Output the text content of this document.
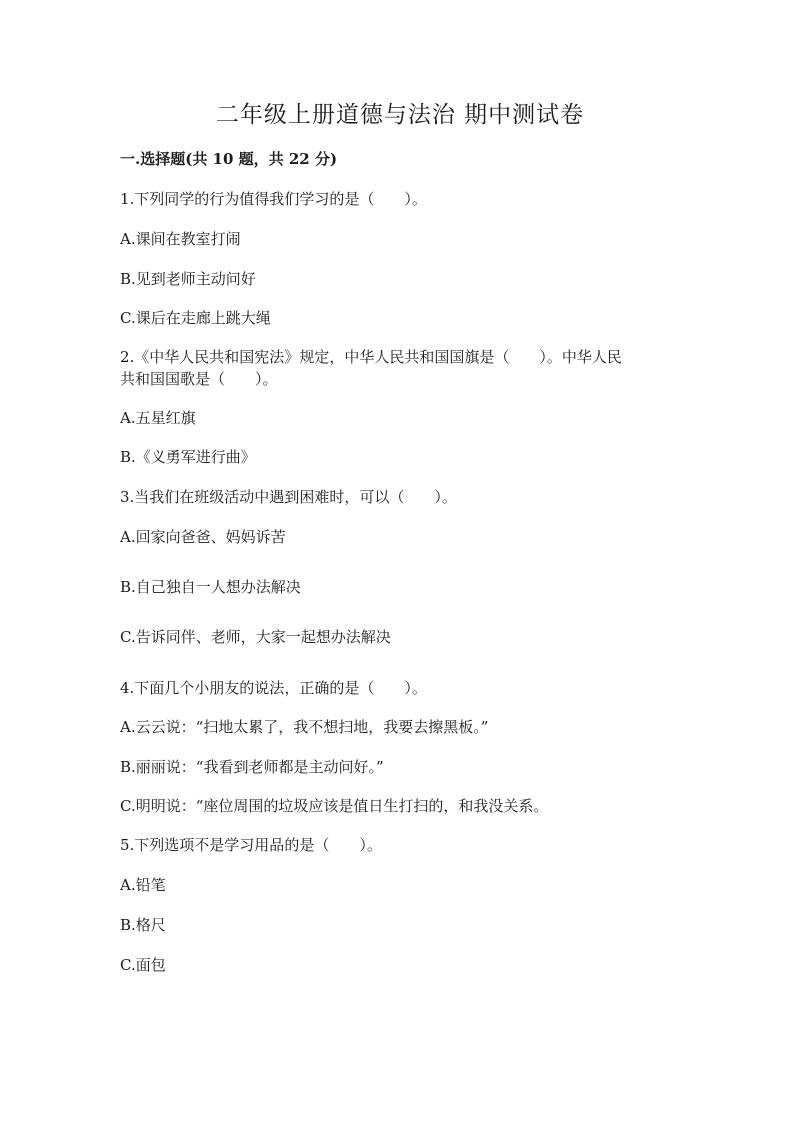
二年级上册道德与法治 期中测试卷
一.选择题(共 10 题，共 22 分)

1.下列同学的行为值得我们学习的是（　　）。

A.课间在教室打闹

B.见到老师主动问好

C.课后在走廊上跳大绳

2.《中华人民共和国宪法》规定，中华人民共和国国旗是（　　）。中华人民

共和国国歌是（　　）。

A.五星红旗

B.《义勇军进行曲》

3.当我们在班级活动中遇到困难时，可以（　　）。

A.回家向爸爸、妈妈诉苦

B.自己独自一人想办法解决

C.告诉同伴、老师，大家一起想办法解决

4.下面几个小朋友的说法，正确的是（　　）。

A.云云说：“扫地太累了，我不想扫地，我要去擦黑板。”

B.丽丽说：“我看到老师都是主动问好。”

C.明明说：“座位周围的垃圾应该是值日生打扫的，和我没关系。

5.下列选项不是学习用品的是（　　）。

A.铅笔

B.格尺

C.面包
